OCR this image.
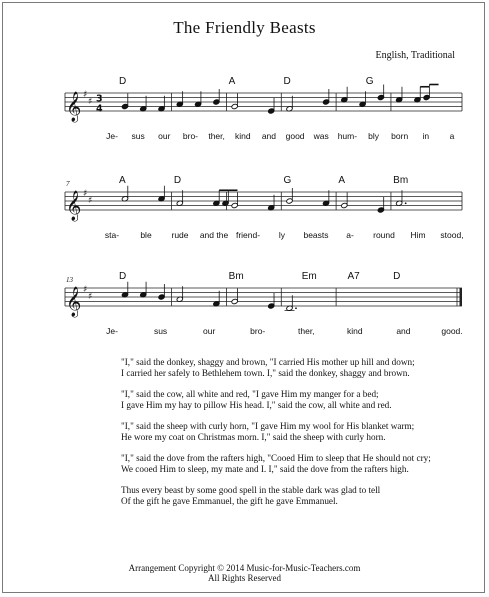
The Friendly Beasts
English, Traditional
𝄞 ♯
♯ 3
4
D	A	D	G
Je- sus our bro- ther, kind and good was hum- bly born in a
𝄞 ♯
♯
7	A	D	G	A	Bm
sta- ble rude and the friend- ly beasts a- round Him stood,
𝄞 ♯
♯
13	D	Bm	Em	A7	D
Je-	sus	our	bro-	ther,	kind	and	good.
"I," said the donkey, shaggy and brown, "I carried His mother up hill and down;
I carried her safely to Bethlehem town. I," said the donkey, shaggy and brown.
"I," said the cow, all white and red, "I gave Him my manger for a bed;
I gave Him my hay to pillow His head. I," said the cow, all white and red.
"I," said the sheep with curly horn, "I gave Him my wool for His blanket warm;
He wore my coat on Christmas morn. I," said the sheep with curly horn.
"I," said the dove from the rafters high, "Cooed Him to sleep that He should not cry;
We cooed Him to sleep, my mate and I. I," said the dove from the rafters high.
Thus every beast by some good spell in the stable dark was glad to tell
Of the gift he gave Emmanuel, the gift he gave Emmanuel.
Arrangement Copyright © 2014 Music-for-Music-Teachers.com
All Rights Reserved
